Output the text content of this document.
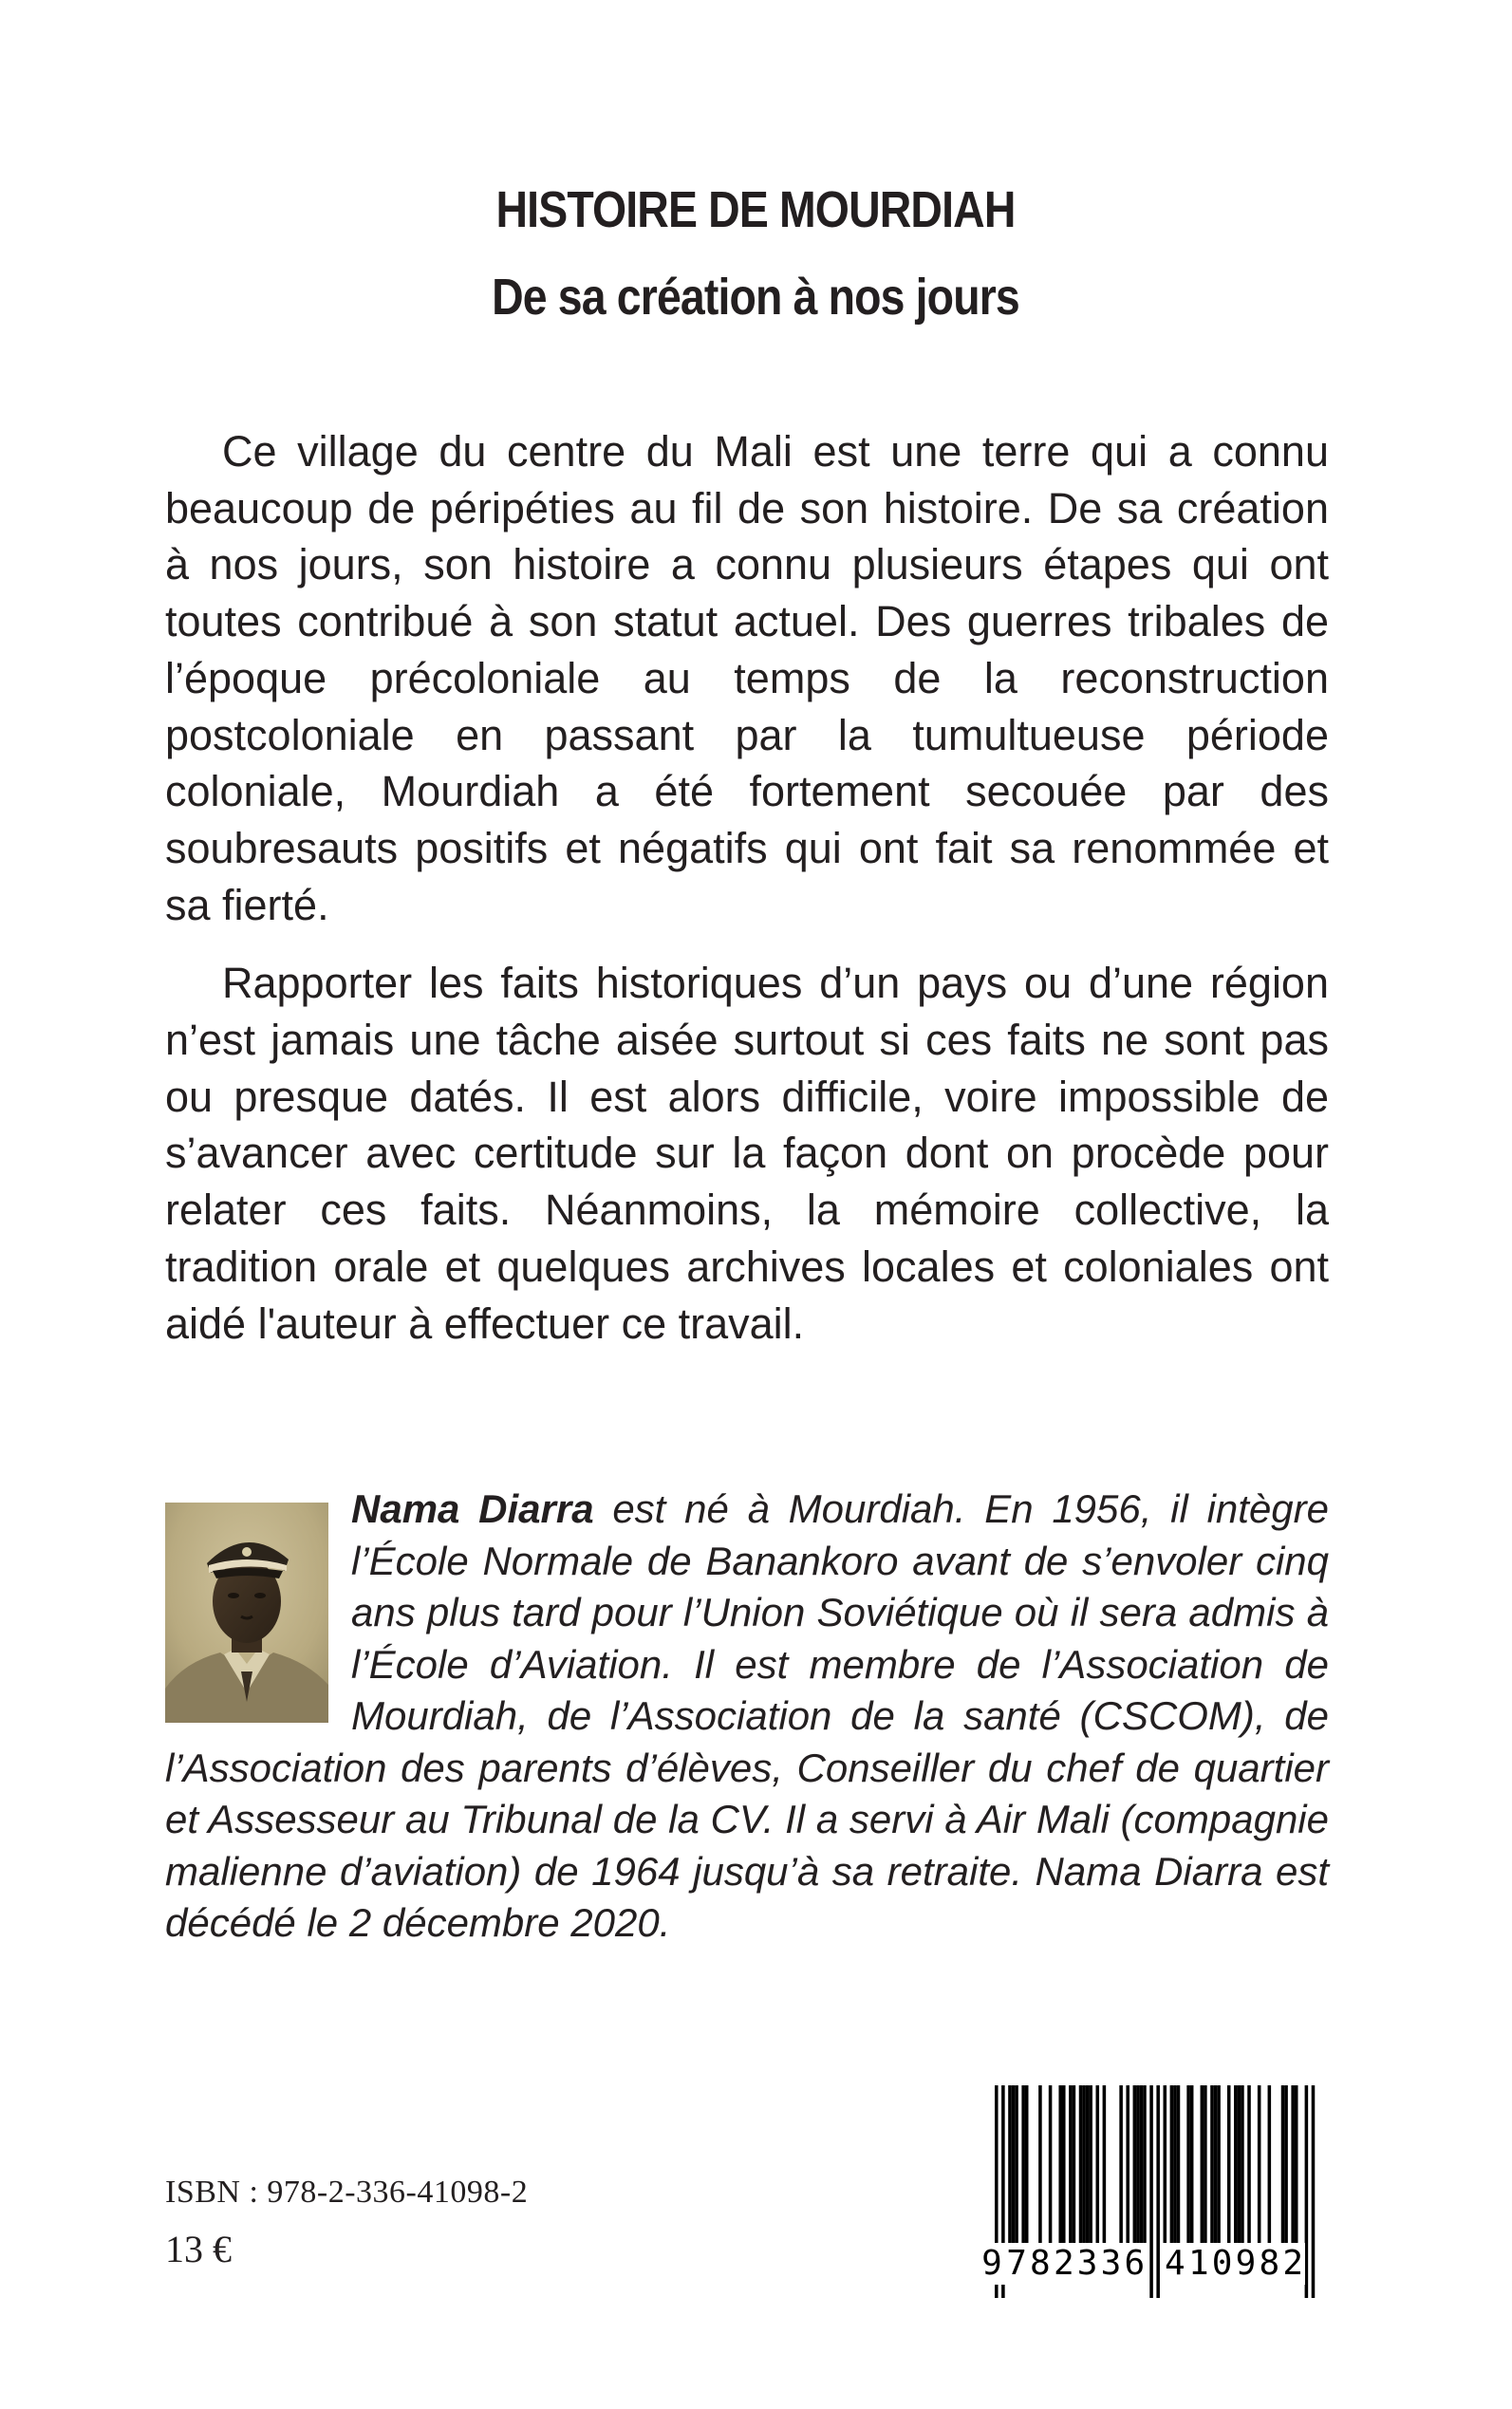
HISTOIRE DE MOURDIAH
De sa création à nos jours

Ce village du centre du Mali est une terre qui a connu beaucoup de péripéties au fil de son histoire. De sa création à nos jours, son histoire a connu plusieurs étapes qui ont toutes contribué à son statut actuel. Des guerres tribales de l’époque précoloniale au temps de la reconstruction postcoloniale en passant par la tumultueuse période coloniale, Mourdiah a été fortement secouée par des soubresauts positifs et négatifs qui ont fait sa renommée et sa fierté.

Rapporter les faits historiques d’un pays ou d’une région n’est jamais une tâche aisée surtout si ces faits ne sont pas ou presque datés. Il est alors difficile, voire impossible de s’avancer avec certitude sur la façon dont on procède pour relater ces faits. Néanmoins, la mémoire collective, la tradition orale et quelques archives locales et coloniales ont aidé l'auteur à effectuer ce travail.

Nama Diarra est né à Mourdiah. En 1956, il intègre l’École Normale de Banankoro avant de s’envoler cinq ans plus tard pour l’Union Soviétique où il sera admis à l’École d’Aviation. Il est membre de l’Association de Mourdiah, de l’Association de la santé (CSCOM), de l’Association des parents d’élèves, Conseiller du chef de quartier et Assesseur au Tribunal de la CV. Il a servi à Air Mali (compagnie malienne d’aviation) de 1964 jusqu’à sa retraite. Nama Diarra est décédé le 2 décembre 2020.
ISBN : 978-2-336-41098-2
13 €	9 7 8 2 3 3 6 4 1 0 9 8 2
